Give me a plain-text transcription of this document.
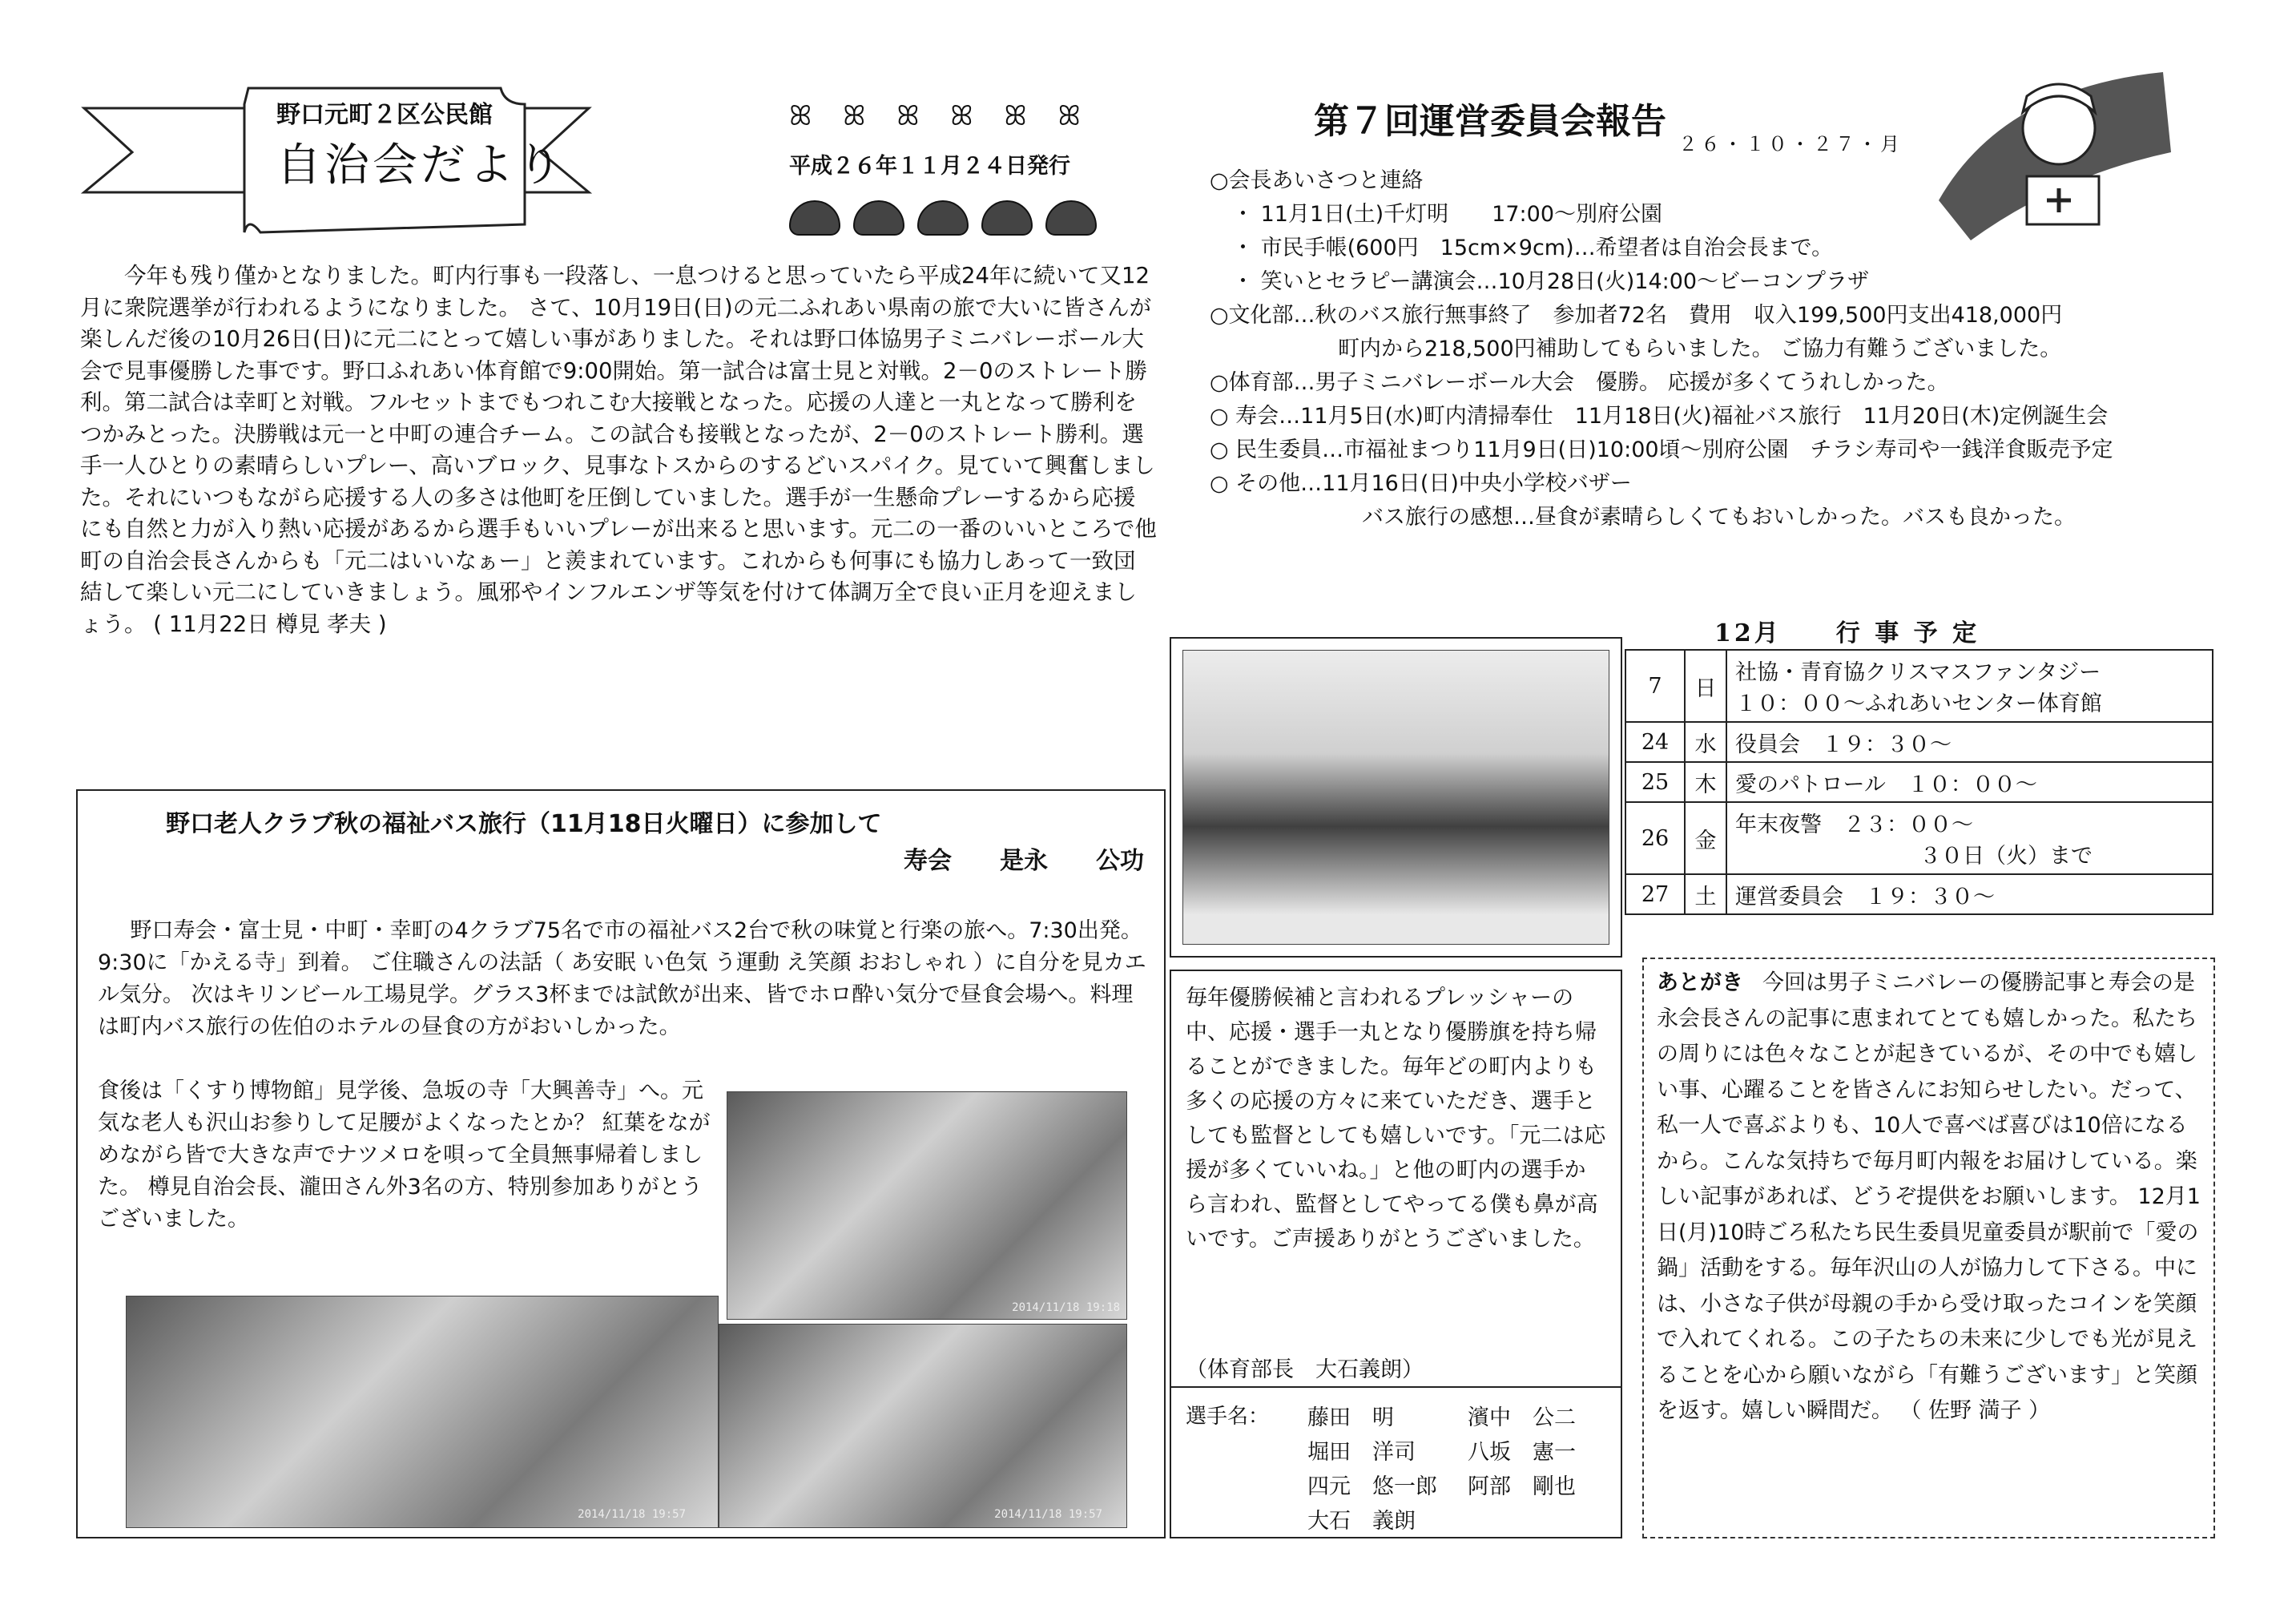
野口元町２区公民館
自治会だより
ꕤ ꕤ ꕤ ꕤ ꕤ ꕤ
平成２６年１１月２４日発行

今年も残り僅かとなりました。町内行事も一段落し、一息つけると思っていたら平成24年に続いて又12月に衆院選挙が行われるようになりました。 さて、10月19日(日)の元二ふれあい県南の旅で大いに皆さんが楽しんだ後の10月26日(日)に元二にとって嬉しい事がありました。それは野口体協男子ミニバレーボール大会で見事優勝した事です。野口ふれあい体育館で9:00開始。第一試合は富士見と対戦。2－0のストレート勝利。第二試合は幸町と対戦。フルセットまでもつれこむ大接戦となった。応援の人達と一丸となって勝利をつかみとった。決勝戦は元一と中町の連合チーム。この試合も接戦となったが、2－0のストレート勝利。選手一人ひとりの素晴らしいプレー、高いブロック、見事なトスからのするどいスパイク。見ていて興奮しました。それにいつもながら応援する人の多さは他町を圧倒していました。選手が一生懸命プレーするから応援にも自然と力が入り熱い応援があるから選手もいいプレーが出来ると思います。元二の一番のいいところで他町の自治会長さんからも「元二はいいなぁー」と羨まれています。これからも何事にも協力しあって一致団結して楽しい元二にしていきましょう。風邪やインフルエンザ等気を付けて体調万全で良い正月を迎えましょう。 ( 11月22日 樽見 孝夫 )

野口老人クラブ秋の福祉バス旅行（11月18日火曜日）に参加して
寿会　　是永　　公功

野口寿会・富士見・中町・幸町の4クラブ75名で市の福祉バス2台で秋の味覚と行楽の旅へ。7:30出発。 9:30に「かえる寺」到着。 ご住職さんの法話（ あ安眠 い色気 う運動 え笑顔 おおしゃれ ）に自分を見カエル気分。 次はキリンビール工場見学。グラス3杯までは試飲が出来、皆でホロ酔い気分で昼食会場へ。料理は町内バス旅行の佐伯のホテルの昼食の方がおいしかった。

食後は「くすり博物館」見学後、急坂の寺「大興善寺」へ。元気な老人も沢山お参りして足腰がよくなったとか？ 紅葉をながめながら皆で大きな声でナツメロを唄って全員無事帰着しました。 樽見自治会長、瀧田さん外3名の方、特別参加ありがとうございました。

2014/11/18 19:18
2014/11/18 19:57	2014/11/18 19:57
第７回運営委員会報告
２６・１０・２７・月
○会長あいさつと連絡
・ 11月1日(土)千灯明　　17:00～別府公園
・ 市民手帳(600円　15cm×9cm)…希望者は自治会長まで。
・ 笑いとセラピー講演会…10月28日(火)14:00～ビーコンプラザ
○文化部…秋のバス旅行無事終了　参加者72名　費用　収入199,500円支出418,000円
町内から218,500円補助してもらいました。 ご協力有難うございました。
○体育部…男子ミニバレーボール大会　優勝。 応援が多くてうれしかった。
○ 寿会…11月5日(水)町内清掃奉仕　11月18日(火)福祉バス旅行　11月20日(木)定例誕生会
○ 民生委員…市福祉まつり11月9日(日)10:00頃～別府公園　チラシ寿司や一銭洋食販売予定
○ その他…11月16日(日)中央小学校バザー
バス旅行の感想…昼食が素晴らしくてもおいしかった。バスも良かった。
12月　　行 事 予 定
7	日	社協・青育協クリスマスファンタジー
１０：００～ふれあいセンター体育館

24	水	役員会　１９：３０～
25	木	愛のパトロール　１０：００～
26	金	年末夜警　２３：００～
３０日（火）まで

27	土	運営委員会　１９：３０～

毎年優勝候補と言われるプレッシャーの中、応援・選手一丸となり優勝旗を持ち帰ることができました。毎年どの町内よりも多くの応援の方々に来ていただき、選手としても監督としても嬉しいです。「元二は応援が多くていいね。」と他の町内の選手から言われ、監督としてやってる僕も鼻が高いです。ご声援ありがとうございました。

（体育部長　大石義朗）
選手名： 藤田　明	濱中　公二
堀田　洋司 八坂　憲一
四元　悠一郎 阿部　剛也
大石　義朗

あとがき 今回は男子ミニバレーの優勝記事と寿会の是永会長さんの記事に恵まれてとても嬉しかった。私たちの周りには色々なことが起きているが、その中でも嬉しい事、心躍ることを皆さんにお知らせしたい。だって、私一人で喜ぶよりも、10人で喜べば喜びは10倍になるから。こんな気持ちで毎月町内報をお届けしている。楽しい記事があれば、どうぞ提供をお願いします。 12月1日(月)10時ごろ私たち民生委員児童委員が駅前で「愛の鍋」活動をする。毎年沢山の人が協力して下さる。中には、小さな子供が母親の手から受け取ったコインを笑顔で入れてくれる。この子たちの未来に少しでも光が見えることを心から願いながら「有難うございます」と笑顔を返す。嬉しい瞬間だ。 （ 佐野 満子 ）
